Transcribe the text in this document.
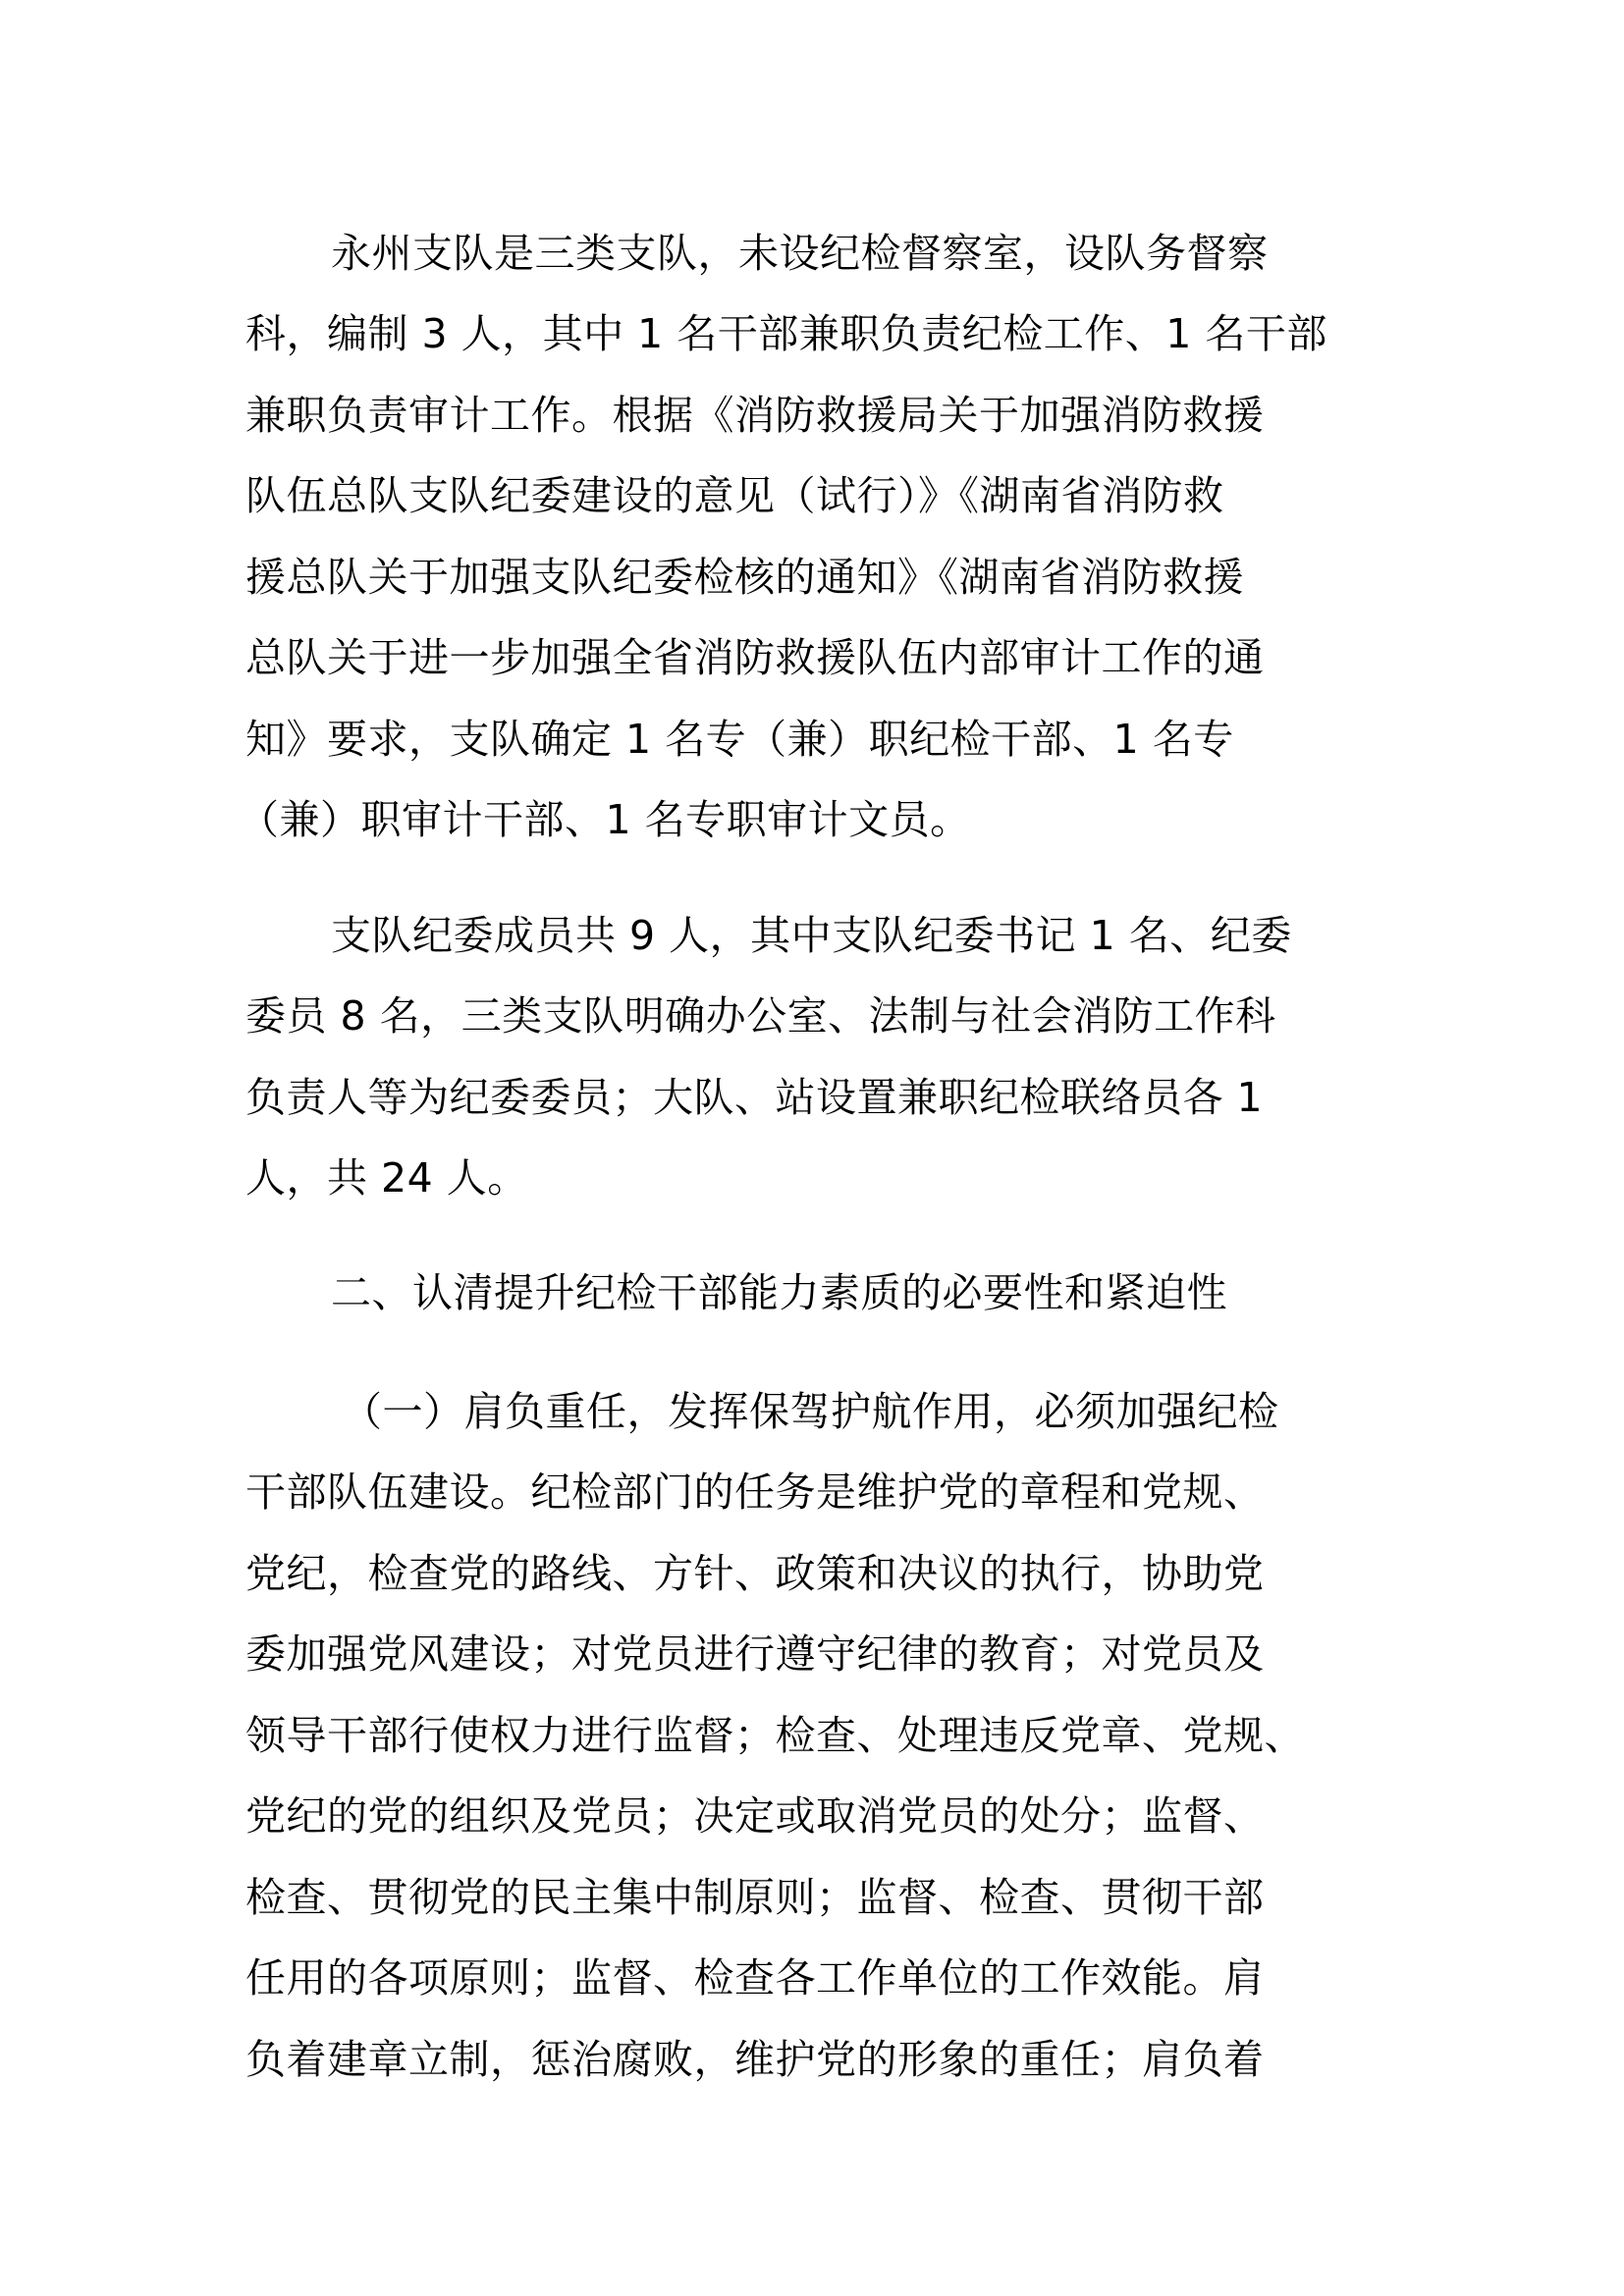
永州支队是三类支队，未设纪检督察室，设队务督察
科，编制 3 人，其中 1 名干部兼职负责纪检工作、1 名干部
兼职负责审计工作。根据《消防救援局关于加强消防救援
队伍总队支队纪委建设的意见（试行）》《湖南省消防救
援总队关于加强支队纪委检核的通知》《湖南省消防救援
总队关于进一步加强全省消防救援队伍内部审计工作的通
知》要求，支队确定 1 名专（兼）职纪检干部、1 名专
（兼）职审计干部、1 名专职审计文员。
支队纪委成员共 9 人，其中支队纪委书记 1 名、纪委
委员 8 名，三类支队明确办公室、法制与社会消防工作科
负责人等为纪委委员；大队、站设置兼职纪检联络员各 1
人，共 24 人。
二、认清提升纪检干部能力素质的必要性和紧迫性
（一）肩负重任，发挥保驾护航作用，必须加强纪检
干部队伍建设。纪检部门的任务是维护党的章程和党规、
党纪，检查党的路线、方针、政策和决议的执行，协助党
委加强党风建设；对党员进行遵守纪律的教育；对党员及
领导干部行使权力进行监督；检查、处理违反党章、党规、
党纪的党的组织及党员；决定或取消党员的处分；监督、
检查、贯彻党的民主集中制原则；监督、检查、贯彻干部
任用的各项原则；监督、检查各工作单位的工作效能。肩
负着建章立制，惩治腐败，维护党的形象的重任；肩负着
